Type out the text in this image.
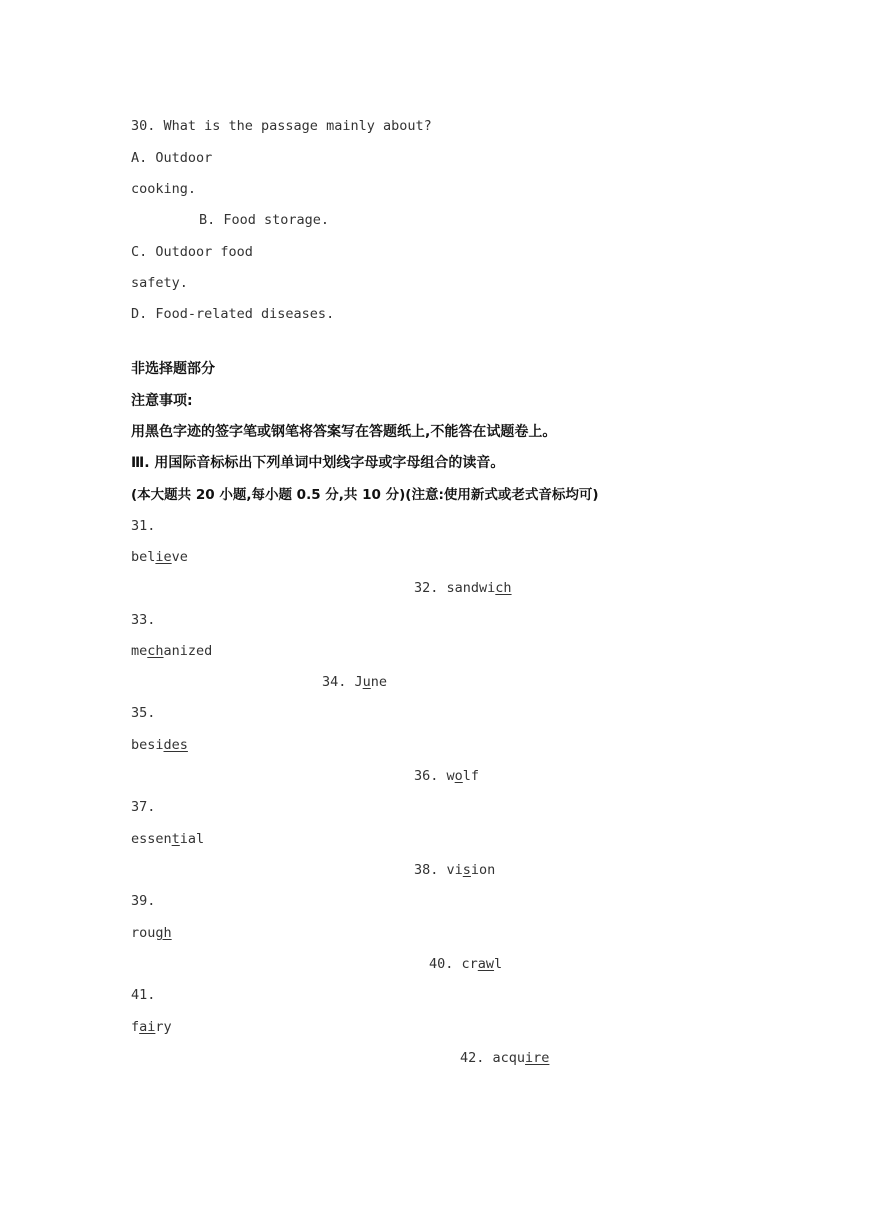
30. What is the passage mainly about?
A. Outdoor
cooking.
B. Food storage.
C. Outdoor food
safety.
D. Food-related diseases.
非选择题部分
注意事项:
用黑色字迹的签字笔或钢笔将答案写在答题纸上,不能答在试题卷上。
Ⅲ. 用国际音标标出下列单词中划线字母或字母组合的读音。
(本大题共 20 小题,每小题 0.5 分,共 10 分)(注意:使用新式或老式音标均可)
31.
believe
32. sandwich
33.
mechanized
34. June
35.
besides
36. wolf
37.
essential
38. vision
39.
rough
40. crawl
41.
fairy
42. acquire
